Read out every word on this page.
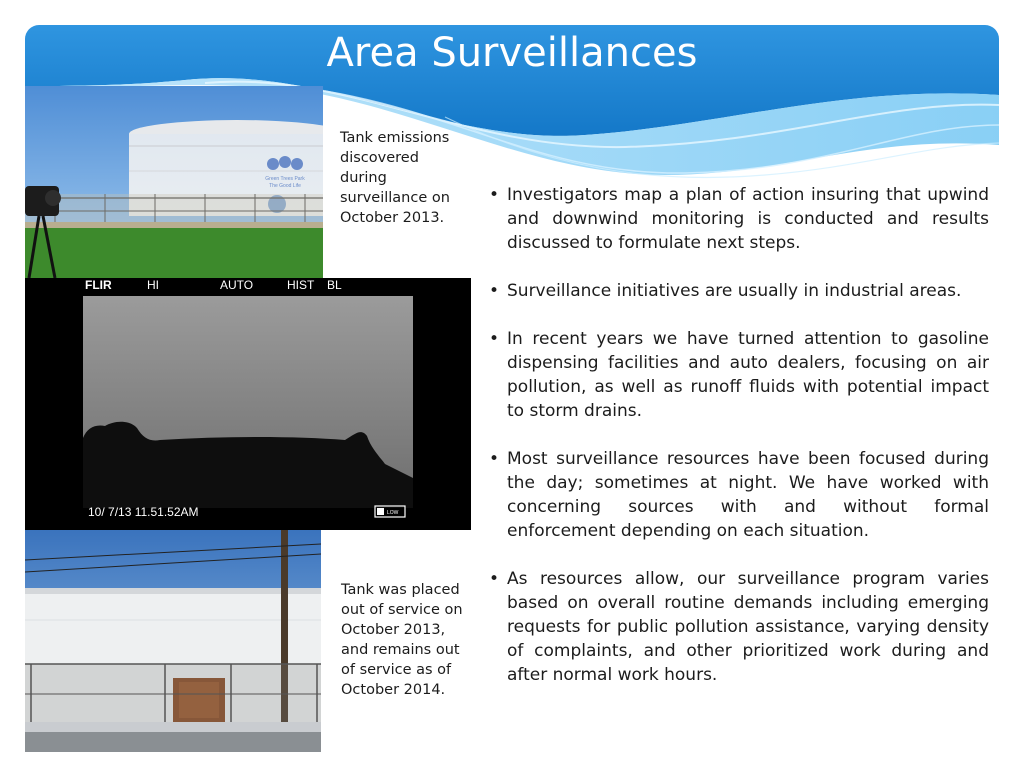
Area Surveillances
Green Trees Park
The Good Life
Tank emissions discovered during surveillance on October 2013.
FLIR	HI	AUTO	HIST BL
10/ 7/13 11.51.52AM	LOW
Tank was placed out of service on October 2013, and remains out of service as of October 2014.
• Investigators map a plan of action insuring that upwind and downwind monitoring is conducted and results discussed to formulate next steps.
• Surveillance initiatives are usually in industrial areas.
• In recent years we have turned attention to gasoline dispensing facilities and auto dealers, focusing on air pollution, as well as runoff fluids with potential impact to storm drains.
• Most surveillance resources have been focused during the day; sometimes at night. We have worked with concerning sources with and without formal enforcement depending on each situation.
• As resources allow, our surveillance program varies based on overall routine demands including emerging requests for public pollution assistance, varying density of complaints, and other prioritized work during and after normal work hours.
